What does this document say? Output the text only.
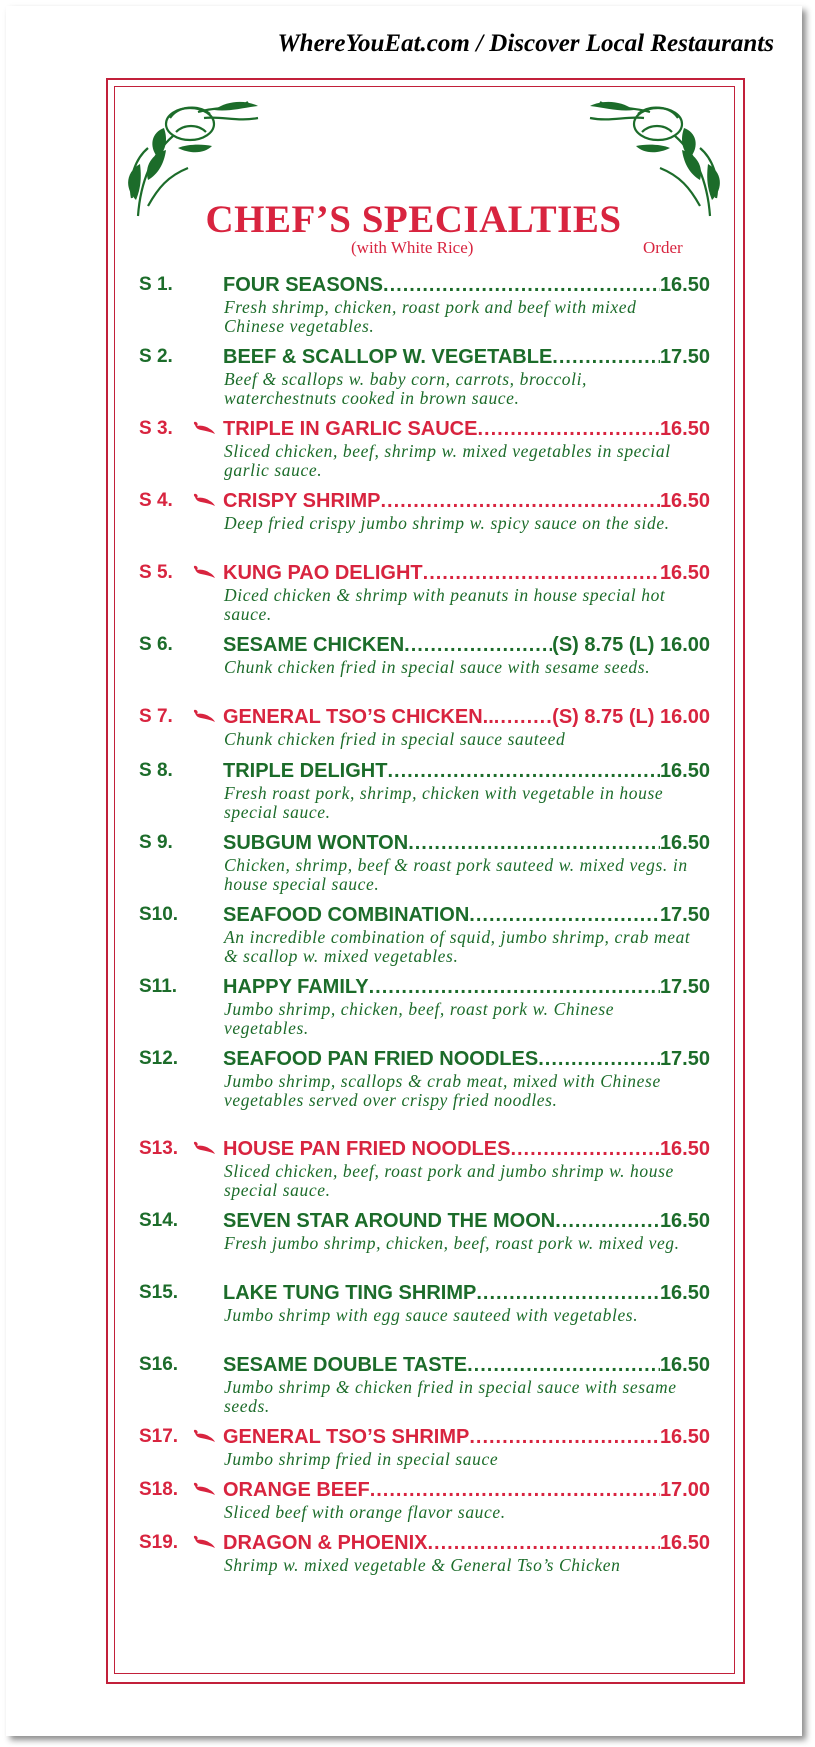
WhereYouEat.com / Discover Local Restaurants
CHEF’S SPECIALTIES
(with White Rice)	Order
S 1.	FOUR SEASONS .....	16.50
Fresh shrimp, chicken, roast pork and beef with mixed Chinese vegetables.
S 2.	BEEF & SCALLOP W. VEGETABLE .....	17.50
Beef & scallops w. baby corn, carrots, broccoli, waterchestnuts cooked in brown sauce.
S 3.	TRIPLE IN GARLIC SAUCE .....	16.50
Sliced chicken, beef, shrimp w. mixed vegetables in special garlic sauce.
S 4.	CRISPY SHRIMP .....	16.50
Deep fried crispy jumbo shrimp w. spicy sauce on the side.
S 5.	KUNG PAO DELIGHT .....	16.50
Diced chicken & shrimp with peanuts in house special hot sauce.
S 6.	SESAME CHICKEN .....	(S) 8.75 (L) 16.00
Chunk chicken fried in special sauce with sesame seeds.
S 7.	GENERAL TSO’S CHICKEN.. .....	(S) 8.75 (L) 16.00
Chunk chicken fried in special sauce sauteed
S 8.	TRIPLE DELIGHT .....	16.50
Fresh roast pork, shrimp, chicken with vegetable in house special sauce.
S 9.	SUBGUM WONTON .....	16.50
Chicken, shrimp, beef & roast pork sauteed w. mixed vegs. in house special sauce.
S10. SEAFOOD COMBINATION .....	17.50
An incredible combination of squid, jumbo shrimp, crab meat & scallop w. mixed vegetables.
S11. HAPPY FAMILY .....	17.50
Jumbo shrimp, chicken, beef, roast pork w. Chinese vegetables.
S12. SEAFOOD PAN FRIED NOODLES .....	17.50
Jumbo shrimp, scallops & crab meat, mixed with Chinese vegetables served over crispy fried noodles.
S13. HOUSE PAN FRIED NOODLES .....	16.50
Sliced chicken, beef, roast pork and jumbo shrimp w. house special sauce.
S14. SEVEN STAR AROUND THE MOON .....	16.50
Fresh jumbo shrimp, chicken, beef, roast pork w. mixed veg.
S15. LAKE TUNG TING SHRIMP .....	16.50
Jumbo shrimp with egg sauce sauteed with vegetables.
S16. SESAME DOUBLE TASTE .....	16.50
Jumbo shrimp & chicken fried in special sauce with sesame seeds.
S17. GENERAL TSO’S SHRIMP .....	16.50
Jumbo shrimp fried in special sauce
S18. ORANGE BEEF .....	17.00
Sliced beef with orange flavor sauce.
S19. DRAGON & PHOENIX .....	16.50
Shrimp w. mixed vegetable & General Tso’s Chicken
